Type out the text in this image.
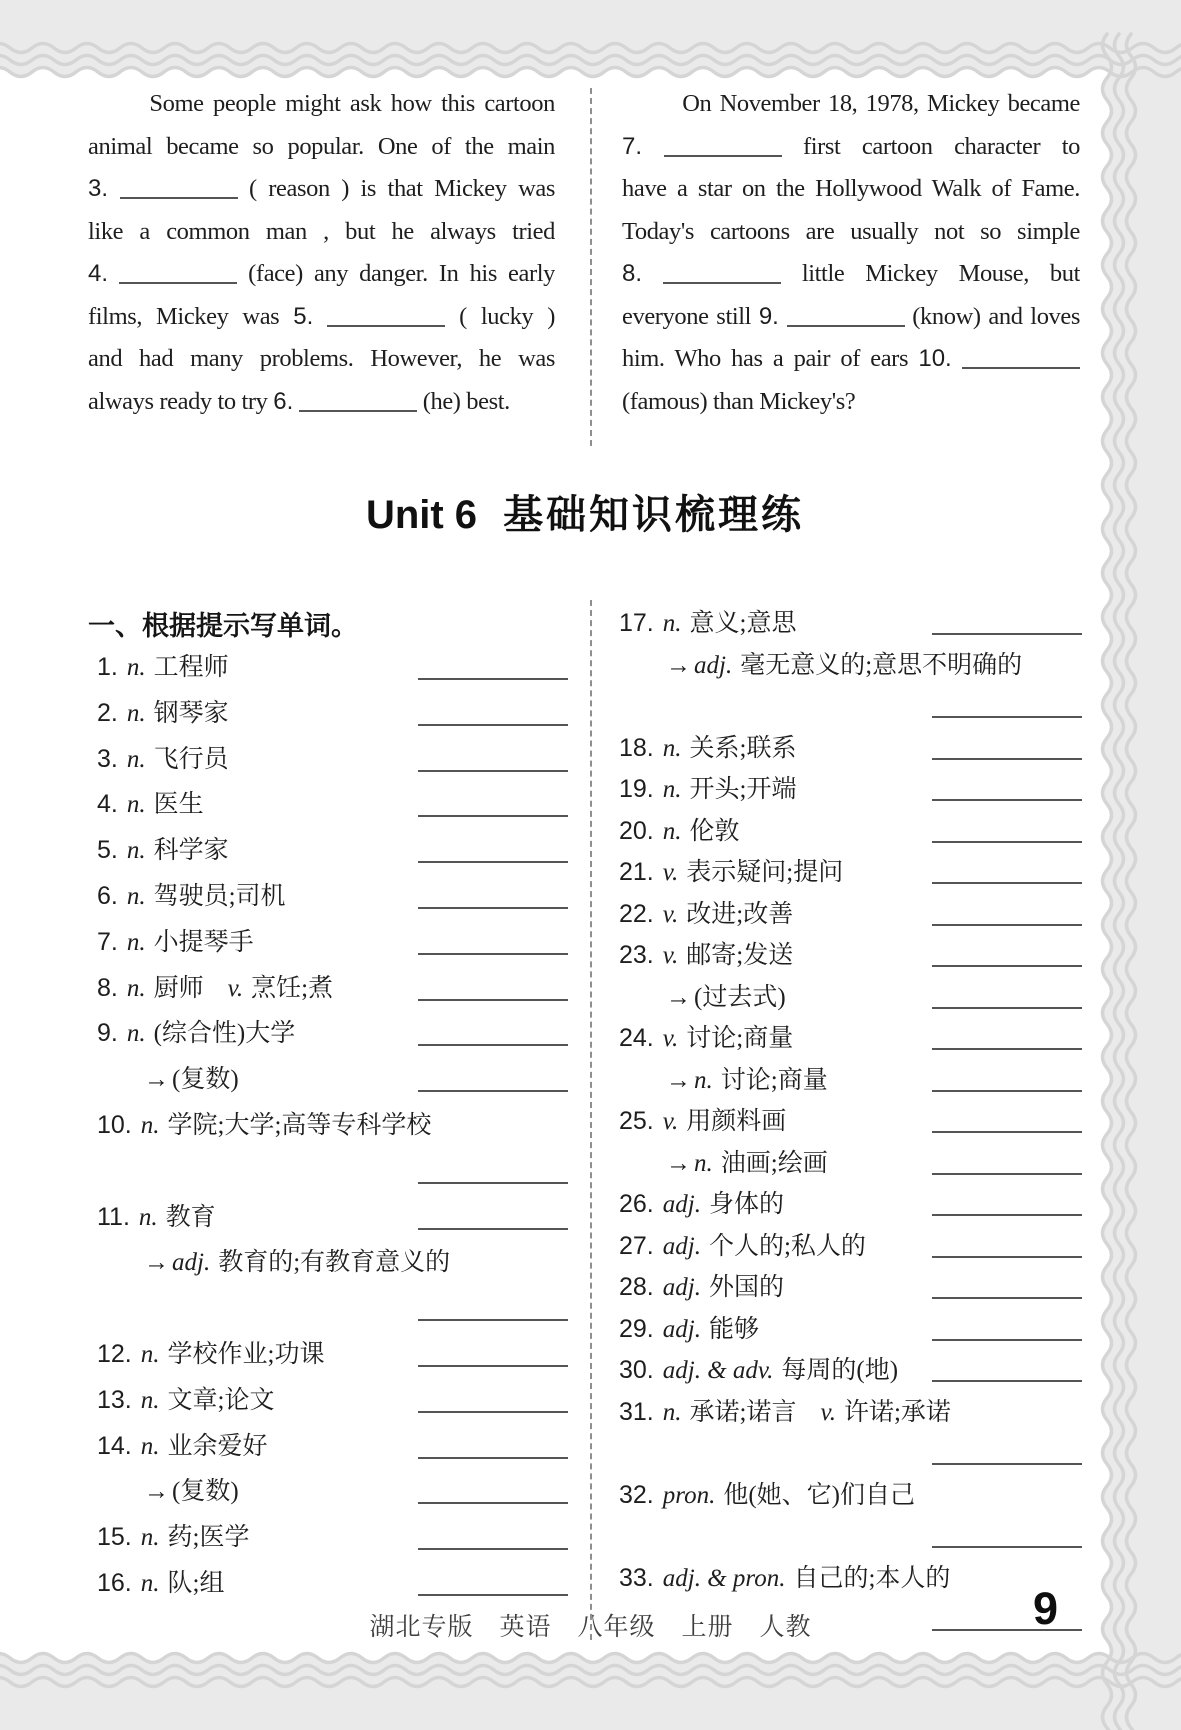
Some people might ask how this cartoon
animal became so popular. One of the main
3.	( reason ) is that Mickey was
like a common man , but he always tried
4.	(face) any danger. In his early
films, Mickey was 5.	( lucky )
and had many problems. However, he was
always ready to try 6.	(he) best.
On November 18, 1978, Mickey became
7.	first cartoon character to
have a star on the Hollywood Walk of Fame.
Today's cartoons are usually not so simple
8.	little Mickey Mouse, but
everyone still 9.	(know) and loves
him. Who has a pair of ears 10.
(famous) than Mickey's?
Unit 6 基础知识梳理练
一、根据提示写单词。
1. n. 工程师
2. n. 钢琴家
3. n. 飞行员
4. n. 医生
5. n. 科学家
6. n. 驾驶员;司机
7. n. 小提琴手
8. n. 厨师 v. 烹饪;煮
9. n. (综合性)大学
→ (复数)
10. n. 学院;大学;高等专科学校
11. n. 教育
→ adj. 教育的;有教育意义的
12. n. 学校作业;功课
13. n. 文章;论文
14. n. 业余爱好
→ (复数)
15. n. 药;医学
16. n. 队;组
17. n. 意义;意思
→ adj. 毫无意义的;意思不明确的
18. n. 关系;联系
19. n. 开头;开端
20. n. 伦敦
21. v. 表示疑问;提问
22. v. 改进;改善
23. v. 邮寄;发送
→ (过去式)
24. v. 讨论;商量
→ n. 讨论;商量
25. v. 用颜料画
→ n. 油画;绘画
26. adj. 身体的
27. adj. 个人的;私人的
28. adj. 外国的
29. adj. 能够
30. adj. & adv. 每周的(地)
31. n. 承诺;诺言 v. 许诺;承诺
32. pron. 他(她、它)们自己
33. adj. & pron. 自己的;本人的
湖北专版　英语　八年级　上册　人教	9
